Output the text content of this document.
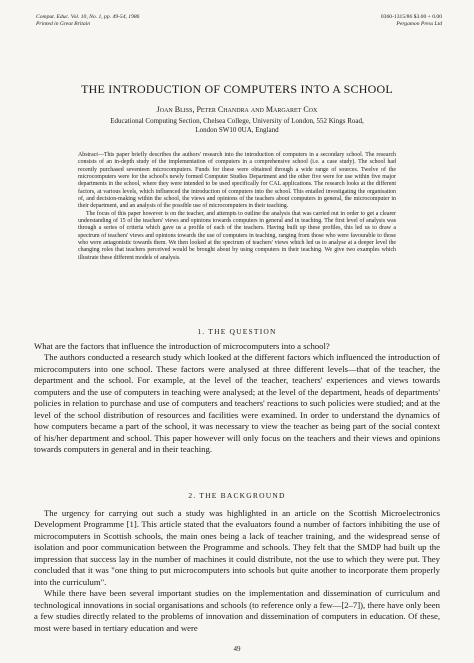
Comput. Educ. Vol. 10, No. 1, pp. 49-54, 1986
Printed in Great Britain
0360-1315/86 $3.00 + 0.00
Pergamon Press Ltd
THE INTRODUCTION OF COMPUTERS INTO A SCHOOL
Joan Bliss, Peter Chandra and Margaret Cox
Educational Computing Section, Chelsea College, University of London, 552 Kings Road, London SW10 0UA, England

Abstract—This paper briefly describes the authors' research into the introduction of computers in a secondary school. The research consists of an in-depth study of the implementation of computers in a comprehensive school (i.e. a case study). The school had recently purchased seventeen microcomputers. Funds for these were obtained through a wide range of sources. Twelve of the microcomputers were for the school's newly formed Computer Studies Department and the other five were for use within five major departments in the school, where they were intended to be used specifically for CAL applications. The research looks at the different factors, at various levels, which influenced the introduction of computers into the school. This entailed investigating the organisation of, and decision-making within the school, the views and opinions of the teachers about computers in general, the microcomputer in their department, and an analysis of the possible use of microcomputers in their teaching.

The focus of this paper however is on the teacher, and attempts to outline the analysis that was carried out in order to get a clearer understanding of 15 of the teachers' views and opinions towards computers in general and in teaching. The first level of analysis was through a series of criteria which gave us a profile of each of the teachers. Having built up these profiles, this led us to draw a spectrum of teachers' views and opinions towards the use of computers in teaching, ranging from those who were favourable to those who were antagonistic towards them. We then looked at the spectrum of teachers' views which led us to analyse at a deeper level the changing roles that teachers perceived would be brought about by using computers in their teaching. We give two examples which illustrate these different models of analysis.

1. THE QUESTION

What are the factors that influence the introduction of microcomputers into a school?

The authors conducted a research study which looked at the different factors which influenced the introduction of microcomputers into one school. These factors were analysed at three different levels—that of the teacher, the department and the school. For example, at the level of the teacher, teachers' experiences and views towards computers and the use of computers in teaching were analysed; at the level of the department, heads of departments' policies in relation to purchase and use of computers and teachers' reactions to such policies were studied; and at the level of the school distribution of resources and facilities were examined. In order to understand the dynamics of how computers became a part of the school, it was necessary to view the teacher as being part of the social context of his/her department and school. This paper however will only focus on the teachers and their views and opinions towards computers in general and in their teaching.

2. THE BACKGROUND

The urgency for carrying out such a study was highlighted in an article on the Scottish Microelectronics Development Programme [1]. This article stated that the evaluators found a number of factors inhibiting the use of microcomputers in Scottish schools, the main ones being a lack of teacher training, and the widespread sense of isolation and poor communication between the Programme and schools. They felt that the SMDP had built up the impression that success lay in the number of machines it could distribute, not the use to which they were put. They concluded that it was "one thing to put microcomputers into schools but quite another to incorporate them properly into the curriculum".

While there have been several important studies on the implementation and dissemination of curriculum and technological innovations in social organisations and schools (to reference only a few—[2–7]), there have only been a few studies directly related to the problems of innovation and dissemination of computers in education. Of these, most were based in tertiary education and were

49
